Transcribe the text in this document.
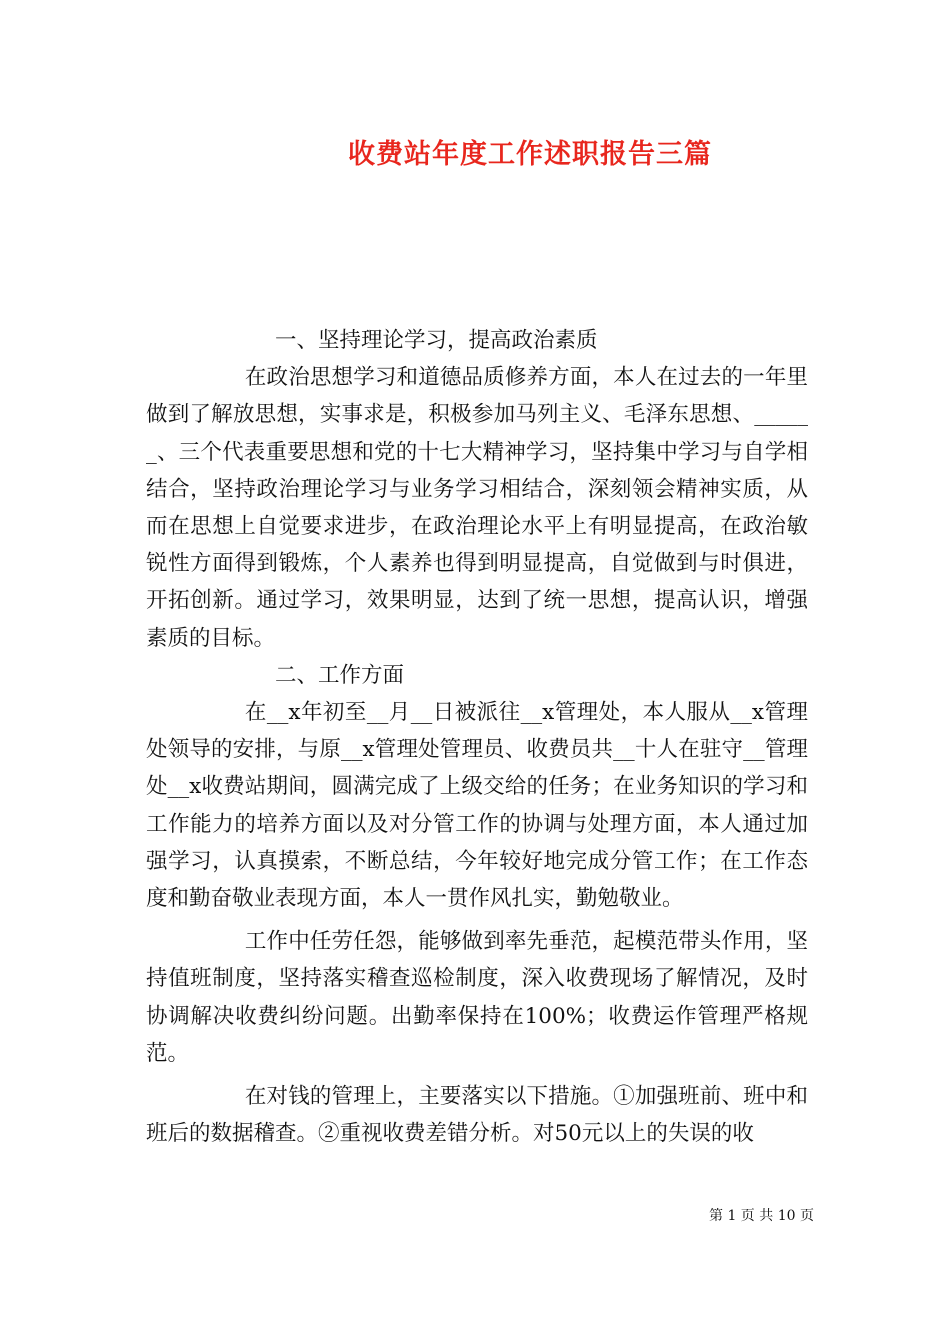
收费站年度工作述职报告三篇

一、坚持理论学习，提高政治素质

在政治思想学习和道德品质修养方面，本人在过去的一年里做到了解放思想，实事求是，积极参加马列主义、毛泽东思想、______、三个代表重要思想和党的十七大精神学习，坚持集中学习与自学相结合，坚持政治理论学习与业务学习相结合，深刻领会精神实质，从而在思想上自觉要求进步，在政治理论水平上有明显提高，在政治敏锐性方面得到锻炼，个人素养也得到明显提高，自觉做到与时俱进，开拓创新。通过学习，效果明显，达到了统一思想，提高认识，增强素质的目标。

二、工作方面

在__x年初至__月__日被派往__x管理处，本人服从__x管理处领导的安排，与原__x管理处管理员、收费员共__十人在驻守__管理处__x收费站期间，圆满完成了上级交给的任务；在业务知识的学习和工作能力的培养方面以及对分管工作的协调与处理方面，本人通过加强学习，认真摸索，不断总结，今年较好地完成分管工作；在工作态度和勤奋敬业表现方面，本人一贯作风扎实，勤勉敬业。

工作中任劳任怨，能够做到率先垂范，起模范带头作用，坚持值班制度，坚持落实稽查巡检制度，深入收费现场了解情况，及时协调解决收费纠纷问题。出勤率保持在100%；收费运作管理严格规范。

在对钱的管理上，主要落实以下措施。①加强班前、班中和班后的数据稽查。②重视收费差错分析。对50元以上的失误的收

第 1 页 共 10 页
